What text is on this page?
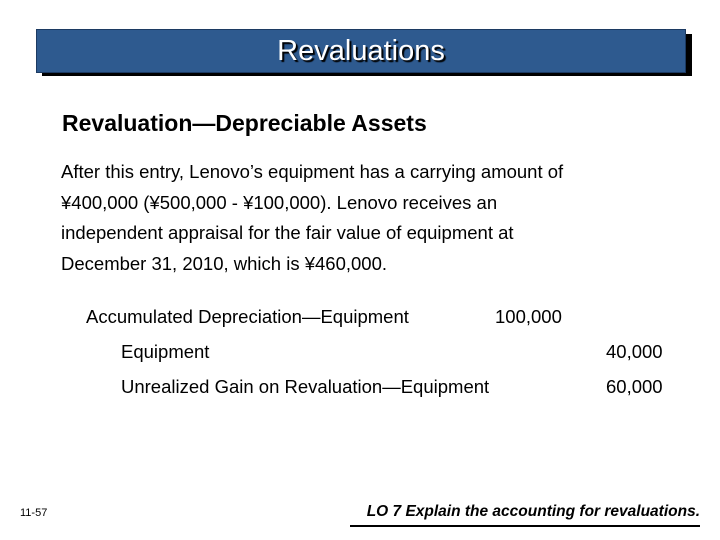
Revaluations
Revaluation—Depreciable Assets
After this entry, Lenovo’s equipment has a carrying amount of
¥400,000 (¥500,000 - ¥100,000). Lenovo receives an
independent appraisal for the fair value of equipment at
December 31, 2010, which is ¥460,000.
Accumulated Depreciation—Equipment	100,000
Equipment	40,000
Unrealized Gain on Revaluation—Equipment	60,000
11-57	LO 7 Explain the accounting for revaluations.
